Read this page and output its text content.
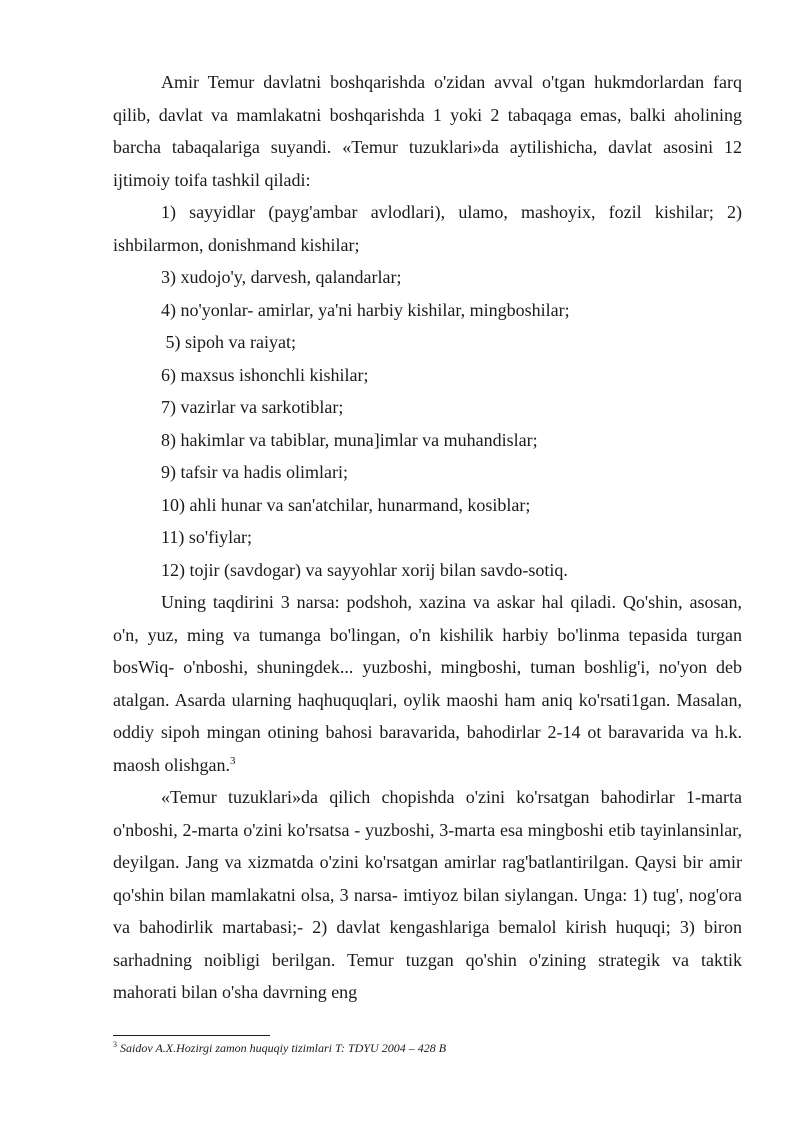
Amir Temur davlatni boshqarishda o'zidan avval o'tgan hukmdorlardan farq qilib, davlat va mamlakatni boshqarishda 1 yoki 2 tabaqaga emas, balki aholining barcha tabaqalariga suyandi. «Temur tuzuklari»da aytilishicha, davlat asosini 12 ijtimoiy toifa tashkil qiladi:

1) sayyidlar (payg'ambar avlodlari), ulamo, mashoyix, fozil kishilar; 2) ishbilarmon, donishmand kishilar;

3) xudojo'y, darvesh, qalandarlar;

4) no'yonlar- amirlar, ya'ni harbiy kishilar, mingboshilar;

5) sipoh va raiyat;

6) maxsus ishonchli kishilar;

7) vazirlar va sarkotiblar;

8) hakimlar va tabiblar, muna]imlar va muhandislar;

9) tafsir va hadis olimlari;

10) ahli hunar va san'atchilar, hunarmand, kosiblar;

11) so'fiylar;

12) tojir (savdogar) va sayyohlar xorij bilan savdo-sotiq.

Uning taqdirini 3 narsa: podshoh, xazina va askar hal qiladi. Qo'shin, asosan, o'n, yuz, ming va tumanga bo'lingan, o'n kishilik harbiy bo'linma tepasida turgan bosWiq- o'nboshi, shuningdek... yuzboshi, mingboshi, tuman boshlig'i, no'yon deb atalgan. Asarda ularning haqhuquqlari, oylik maoshi ham aniq ko'rsati1gan. Masalan, oddiy sipoh mingan otining bahosi baravarida, bahodirlar 2-14 ot baravarida va h.k. maosh olishgan.$^3$

«Temur tuzuklari»da qilich chopishda o'zini ko'rsatgan bahodirlar 1-marta o'nboshi, 2-marta o'zini ko'rsatsa - yuzboshi, 3-marta esa mingboshi etib tayinlansinlar, deyilgan. Jang va xizmatda o'zini ko'rsatgan amirlar rag'batlantirilgan. Qaysi bir amir qo'shin bilan mamlakatni olsa, 3 narsa- imtiyoz bilan siylangan. Unga: 1) tug', nog'ora va bahodirlik martabasi;- 2) davlat kengashlariga bemalol kirish huquqi; 3) biron sarhadning noibligi berilgan. Temur tuzgan qo'shin o'zining strategik va taktik mahorati bilan o'sha davrning eng

$^3$ Saidov A.X.Hozirgi zamon huquqiy tizimlari T: TDYU 2004 – 428 B
